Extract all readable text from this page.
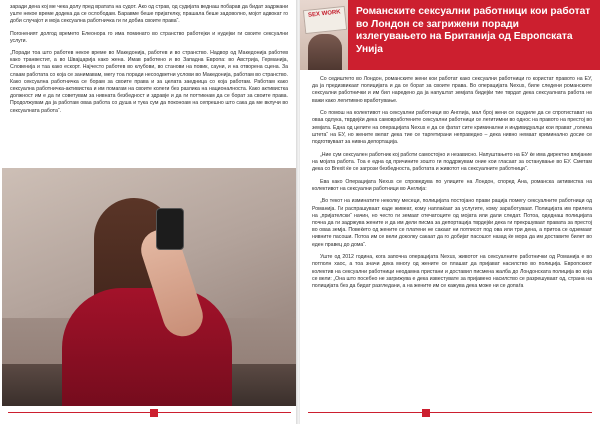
заради дена кој ме чека долу пред вратата на судот. Ако од страв, од судијата веднаш побарав да бидат задржани уште некое време додека да се ослободам. Баравме беше пријателку, прашала беше задоволно, мојот адвокат го доби случајот и моја сексуална работничка ги ги добиа своите права“.

Погоненият долгод времето Елеонора го има поминато во странство работејки и нудејки ги своите сексуални услуги.

„Поради тоа што работев некое време во Македонија, работев и во странство. Надвор од Македонија работев како транвестит, а во Швајцарија како жена. Имав работено и во Западна Европа: во Австрија, Германија, Словенија и таа како ескорт. Најчесто работев во клубови, во станови на повик, сауни, и на отворена сцена. За слаам работата со која се занимавам, мегу тоа поради несоодветни услови во Македонија, работам во странство. Како сексуална работничка се борам за своите права и за целата заедница со која работам. Работам како сексуална работничка-активистка и им помагам на своите колеги без разлика на националноста. Како активистка должност им е да ги советувам за нивната безбедност и здравје и да ги поттикнам да се борат за своите права. Продолжувам да ја работам оваа работа со душа и тука сум да пoкoнoам на сепрешно што сака да ме вклучи во сексуалната работа“.

SEX WORK	Романските сексуални работници кои работат во Лондон се загрижени поради излегувањето на Британија од Европската Унија

Со седиштето во Лондон, романските жени кои работат како сексуални работници го користат правото на ЕУ, да ја предизвикаат полицијата и да се борат за своите права. Во операцијата Nexus, биле следени романските сексуални работнички и им бил наредено да ја напуштат земјата бидејќи тие тврдат дека сексуалната работа не важи како легитимно вработување.

Со помош на колективот на сексуални работници во Англија, мал број жени се оцудиле да се спротистават на оваа одлука, тврдејќи дека самовработените сексуални работници се легитимни во однос на правото на престој во земјата. Една од целите на операцијата Nexus е да се фатат сите криминални и индивидуалци кои прават „голема штета“ на ЕУ, но жените велат дека тие се таргетирани неправедно – дека нивно немаат криминално досие се подготвуваат за нивна депортација.

„Ние сум сексуален работник кој работи самостојно и независно. Напуштањето на ЕУ ќе има директно влијание на мојата работа. Тоа е една од причините зошто ги поддржувам оние кои гласаат за останување во ЕУ. Сметам дека со Brexit ќе се загрози безбедноста, работата и животот на сексуалните работници“.

Ева како Операцијата Nexus се спроведува по улиците на Лондон, според Ана, романска активистка на колективот на сексуални работници во Англија:

„Во текот на изминатите неколку месеци, полицијата постојано прави рација помегу сексуалните работници од Романија. Ги распрашуваат каде живеат, кому наплаќаат за услугите, кому заработуваат. Полицијата им прилега на „пријателски“ начин, но често ги земаат отечатоците од мојата или дали следат. Потоа, одеднаш полицијата почна да ги задржува жените и да им дели писма за депортација тврдејќи дека ги прекршуваат правата за престој во оваа земја. Повеќето од жените се платени не сакаат ни потписот под ова или три дена, а притоа се одземаат нивните пасоши. Потоа им се вели доколку сакаат да го добијат пасошот назад ќе мора да им доставите билет во еден правец до дома“.

Уште од 2012 година, кога започна операцијата Nexus, животот на сексуалните работнички од Романија е во потполн хаос, а тоа значи дека многу од жените се плашат да пријават насилство во полиција. Европскиот колектив на сексуални работници неодамна пристани и доставил писмена жалба до Лондонската полиција во која се вели: „Она што посебно не загрижува е дека известувате за пријавено насилство се разрешуваат од, страна на полицијата без да бидат разгледани, а на жените им се кажува дека може ни се допаѓа
